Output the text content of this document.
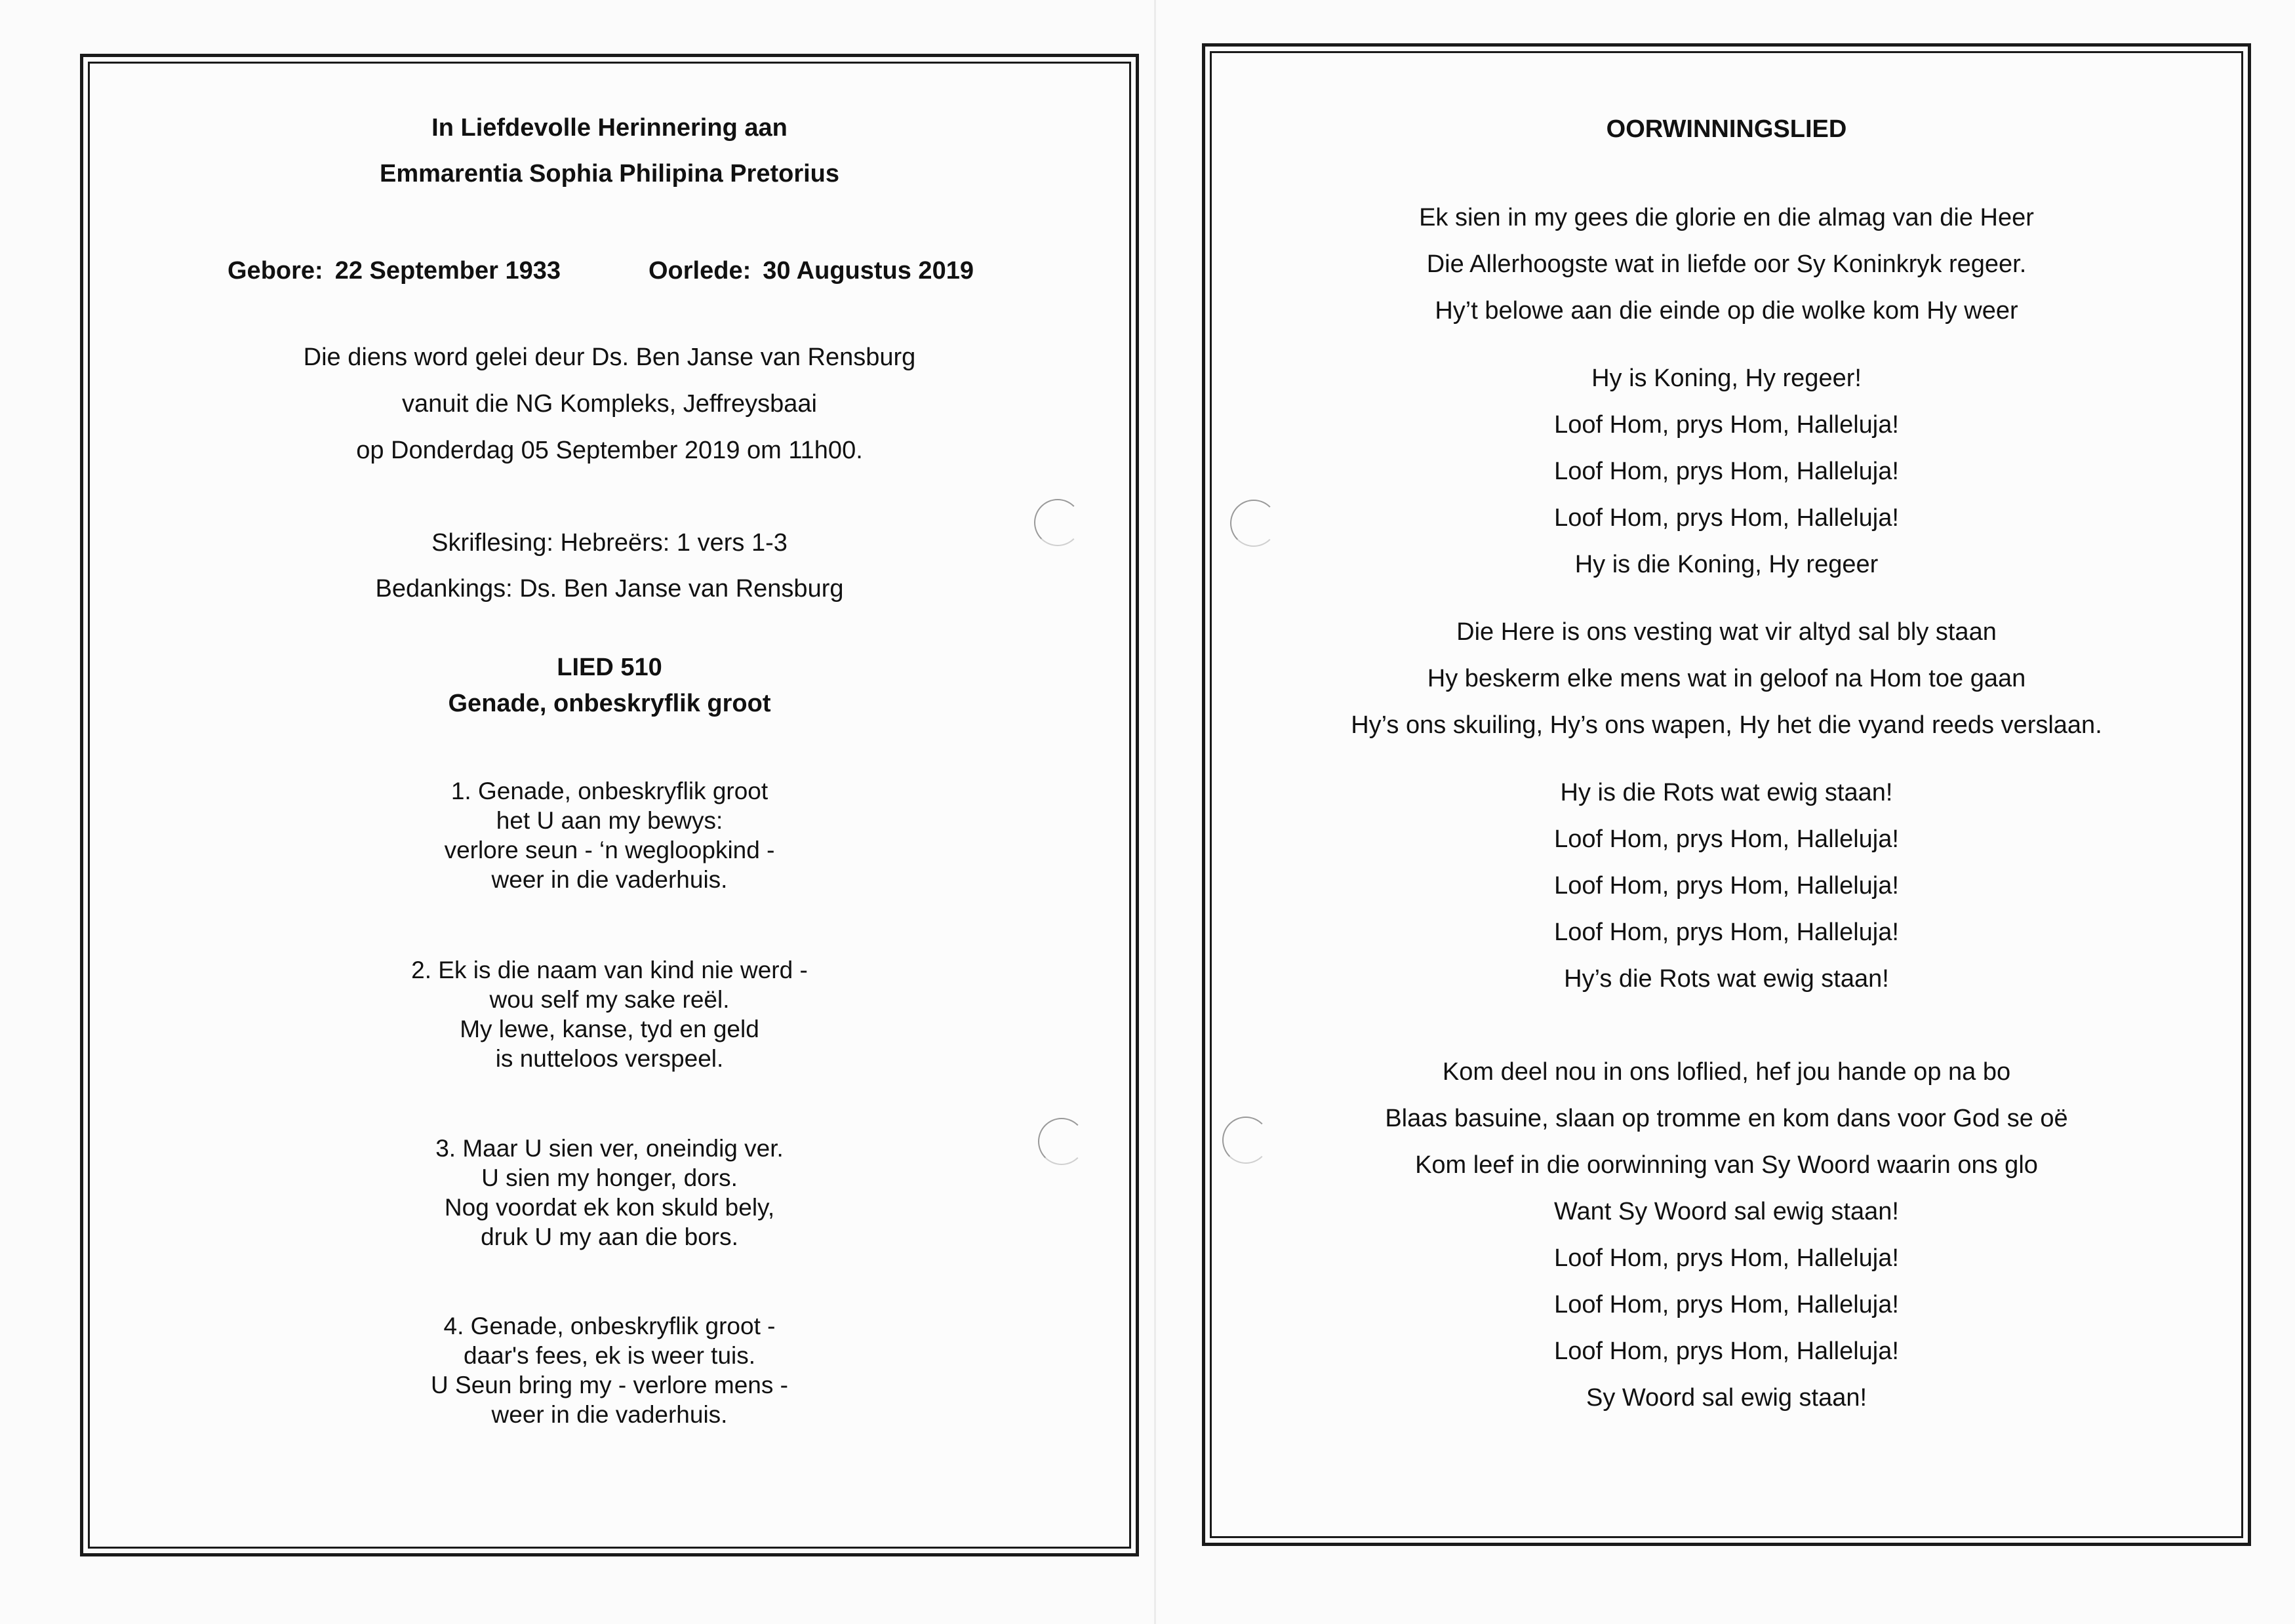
In Liefdevolle Herinnering aan
Emmarentia Sophia Philipina Pretorius
Gebore: 22 September 1933	Oorlede: 30 Augustus 2019
Die diens word gelei deur Ds. Ben Janse van Rensburg
vanuit die NG Kompleks, Jeffreysbaai
op Donderdag 05 September 2019 om 11h00.
Skriflesing: Hebreërs: 1 vers 1-3
Bedankings: Ds. Ben Janse van Rensburg
LIED 510
Genade, onbeskryflik groot
1. Genade, onbeskryflik groot
het U aan my bewys:
verlore seun - ‘n wegloopkind -
weer in die vaderhuis.
2. Ek is die naam van kind nie werd -
wou self my sake reël.
My lewe, kanse, tyd en geld
is nutteloos verspeel.
3. Maar U sien ver, oneindig ver.
U sien my honger, dors.
Nog voordat ek kon skuld bely,
druk U my aan die bors.
4. Genade, onbeskryflik groot -
daar's fees, ek is weer tuis.
U Seun bring my - verlore mens -
weer in die vaderhuis.
OORWINNINGSLIED
Ek sien in my gees die glorie en die almag van die Heer
Die Allerhoogste wat in liefde oor Sy Koninkryk regeer.
Hy’t belowe aan die einde op die wolke kom Hy weer
Hy is Koning, Hy regeer!
Loof Hom, prys Hom, Halleluja!
Loof Hom, prys Hom, Halleluja!
Loof Hom, prys Hom, Halleluja!
Hy is die Koning, Hy regeer
Die Here is ons vesting wat vir altyd sal bly staan
Hy beskerm elke mens wat in geloof na Hom toe gaan
Hy’s ons skuiling, Hy’s ons wapen, Hy het die vyand reeds verslaan.
Hy is die Rots wat ewig staan!
Loof Hom, prys Hom, Halleluja!
Loof Hom, prys Hom, Halleluja!
Loof Hom, prys Hom, Halleluja!
Hy’s die Rots wat ewig staan!
Kom deel nou in ons loflied, hef jou hande op na bo
Blaas basuine, slaan op tromme en kom dans voor God se oë
Kom leef in die oorwinning van Sy Woord waarin ons glo
Want Sy Woord sal ewig staan!
Loof Hom, prys Hom, Halleluja!
Loof Hom, prys Hom, Halleluja!
Loof Hom, prys Hom, Halleluja!
Sy Woord sal ewig staan!
